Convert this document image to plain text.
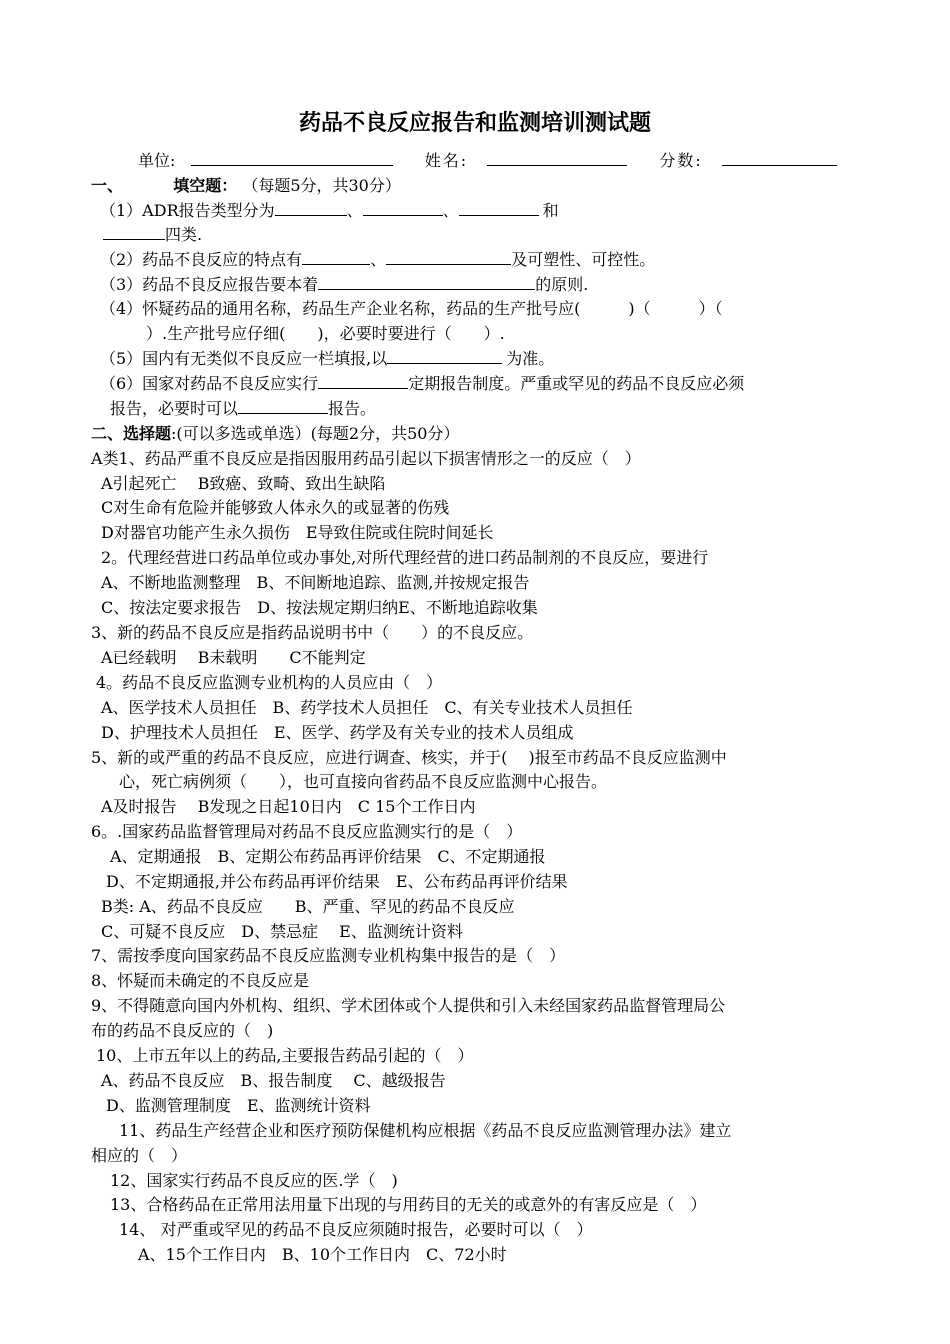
药品不良反应报告和监测培训测试题
单位:	姓名:	分数:
一、	填空题： （每题5分，共30分）
（1）ADR报告类型分为	、	、	和
四类.
（2）药品不良反应的特点有	、	及可塑性、可控性。
（3）药品不良反应报告要本着	的原则.
（4）怀疑药品的通用名称，药品生产企业名称，药品的生产批号应(　　　)（　　　）（
）.生产批号应仔细(　　)，必要时要进行（　　）.
（5）国内有无类似不良反应一栏填报,以	为准。
（6）国家对药品不良反应实行	定期报告制度。严重或罕见的药品不良反应必须
报告，必要时可以	报告。
二、选择题:(可以多选或单选）(每题2分，共50分）
A类1、药品严重不良反应是指因服用药品引起以下损害情形之一的反应（　）
A引起死亡　 B致癌、致畸、致出生缺陷
C对生命有危险并能够致人体永久的或显著的伤残
D对器官功能产生永久损伤　E导致住院或住院时间延长
2。代理经营进口药品单位或办事处,对所代理经营的进口药品制剂的不良反应，要进行
A、不断地监测整理　B、不间断地追踪、监测,并按规定报告
C、按法定要求报告　D、按法规定期归纳E、不断地追踪收集
3、新的药品不良反应是指药品说明书中（　　）的不良反应。
A已经载明　 B未载明　　C不能判定
4。药品不良反应监测专业机构的人员应由（　）
A、医学技术人员担任　B、药学技术人员担任　C、有关专业技术人员担任
D、护理技术人员担任　E、医学、药学及有关专业的技术人员组成
5、新的或严重的药品不良反应，应进行调查、核实，并于(　 )报至市药品不良反应监测中
心，死亡病例须（　　），也可直接向省药品不良反应监测中心报告。
A及时报告　 B发现之日起10日内　C 15个工作日内
6。.国家药品监督管理局对药品不良反应监测实行的是（　）
A、定期通报　B、定期公布药品再评价结果　C、不定期通报
D、不定期通报,并公布药品再评价结果　E、公布药品再评价结果
B类: A、药品不良反应　　B、严重、罕见的药品不良反应
C、可疑不良反应　D、禁忌症　 E、监测统计资料
7、需按季度向国家药品不良反应监测专业机构集中报告的是（　）
8、怀疑而未确定的不良反应是
9、不得随意向国内外机构、组织、学术团体或个人提供和引入未经国家药品监督管理局公
布的药品不良反应的（　)
10、上市五年以上的药品,主要报告药品引起的（　）
A、药品不良反应　B、报告制度　 C、越级报告
D、监测管理制度　E、监测统计资料
11、药品生产经营企业和医疗预防保健机构应根据《药品不良反应监测管理办法》建立
相应的（　）
12、国家实行药品不良反应的医.学（　)
13、合格药品在正常用法用量下出现的与用药目的无关的或意外的有害反应是（　）
14、 对严重或罕见的药品不良反应须随时报告，必要时可以（　）
A、15个工作日内　B、10个工作日内　C、72小时
